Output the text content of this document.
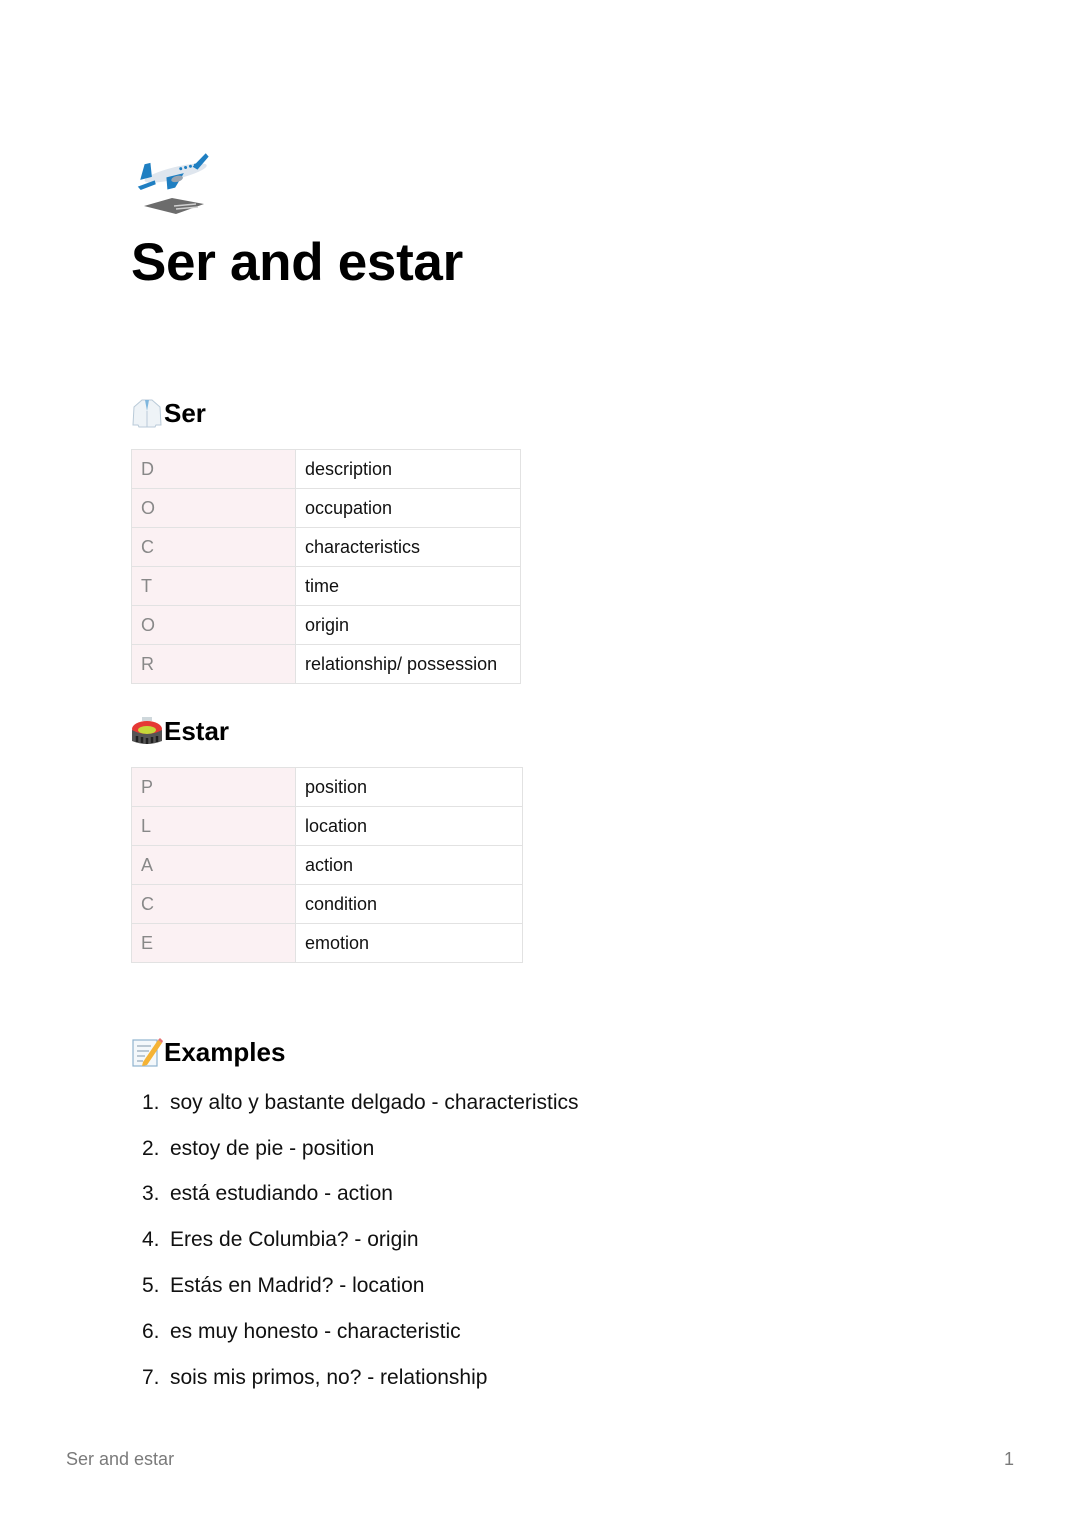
Ser and estar
Ser
D	description
O	occupation
C	characteristics
T	time
O	origin
R	relationship/ possession
Estar
P	position
L	location
A	action
C	condition
E	emotion
Examples
1. soy alto y bastante delgado - characteristics
2. estoy de pie - position
3. está estudiando - action
4. Eres de Columbia? - origin
5. Estás en Madrid? - location
6. es muy honesto - characteristic
7. sois mis primos, no? - relationship
Ser and estar	1
